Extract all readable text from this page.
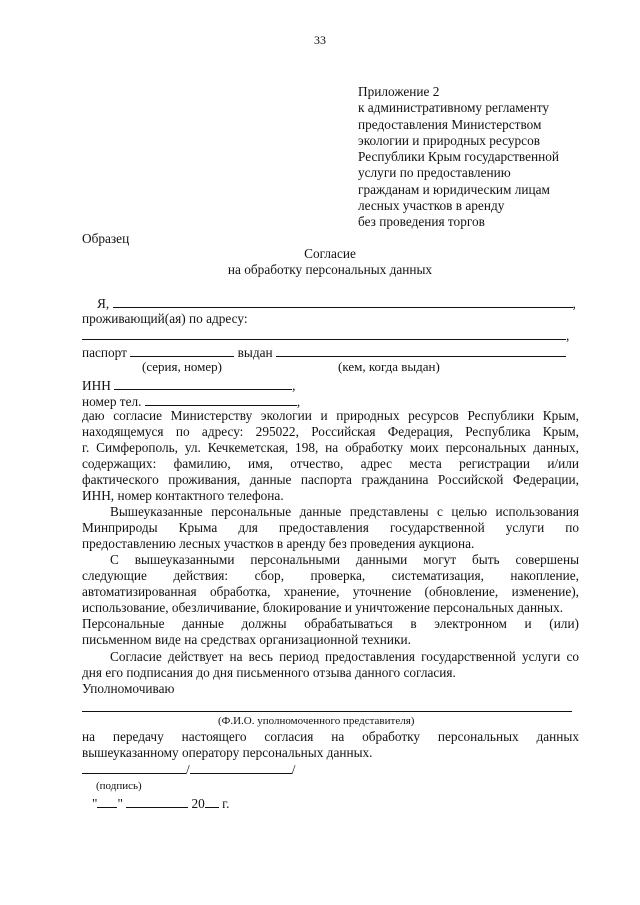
33
Приложение 2
к административному регламенту
предоставления Министерством
экологии и природных ресурсов
Республики Крым государственной
услуги по предоставлению
гражданам и юридическим лицам
лесных участков в аренду
без проведения торгов
Образец
Согласие
на обработку персональных данных
Я,	,
проживающий(ая) по адресу:
,
паспорт	выдан
(серия, номер)	(кем, когда выдан)
ИНН	,
номер тел.	,
даю согласие Министерству экологии и природных ресурсов Республики Крым,
находящемуся по адресу: 295022, Российская Федерация, Республика Крым,
г. Симферополь, ул. Кечкеметская, 198, на обработку моих персональных данных,
содержащих: фамилию, имя, отчество, адрес места регистрации и/или
фактического проживания, данные паспорта гражданина Российской Федерации,
ИНН, номер контактного телефона.
Вышеуказанные персональные данные представлены с целью использования
Минприроды Крыма для предоставления государственной услуги по
предоставлению лесных участков в аренду без проведения аукциона.
С вышеуказанными персональными данными могут быть совершены
следующие действия: сбор, проверка, систематизация, накопление,
автоматизированная обработка, хранение, уточнение (обновление, изменение),
использование, обезличивание, блокирование и уничтожение персональных данных.
Персональные данные должны обрабатываться в электронном и (или)
письменном виде на средствах организационной техники.
Согласие действует на весь период предоставления государственной услуги со
дня его подписания до дня письменного отзыва данного согласия.
Уполномочиваю
(Ф.И.О. уполномоченного представителя)
на передачу настоящего согласия на обработку персональных данных
вышеуказанному оператору персональных данных.
/	/
(подпись)
" "	20 г.
